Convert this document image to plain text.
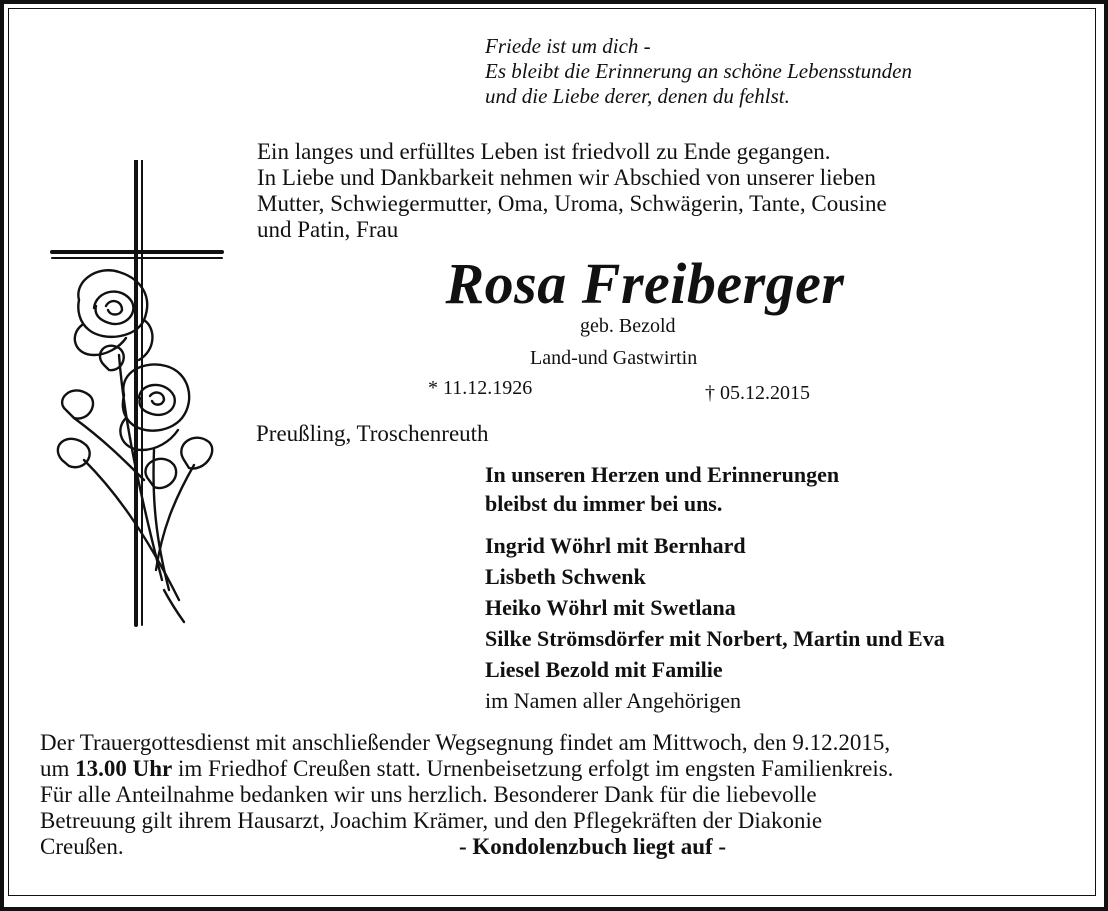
Friede ist um dich -
Es bleibt die Erinnerung an schöne Lebensstunden
und die Liebe derer, denen du fehlst.
Ein langes und erfülltes Leben ist friedvoll zu Ende gegangen.
In Liebe und Dankbarkeit nehmen wir Abschied von unserer lieben
Mutter, Schwiegermutter, Oma, Uroma, Schwägerin, Tante, Cousine
und Patin, Frau
Rosa Freiberger
geb. Bezold
Land-und Gastwirtin
* 11.12.1926	† 05.12.2015
Preußling, Troschenreuth
In unseren Herzen und Erinnerungen
bleibst du immer bei uns.
Ingrid Wöhrl mit Bernhard
Lisbeth Schwenk
Heiko Wöhrl mit Swetlana
Silke Strömsdörfer mit Norbert, Martin und Eva
Liesel Bezold mit Familie
im Namen aller Angehörigen
Der Trauergottesdienst mit anschließender Wegsegnung findet am Mittwoch, den 9.12.2015,
um 13.00 Uhr im Friedhof Creußen statt. Urnenbeisetzung erfolgt im engsten Familienkreis.
Für alle Anteilnahme bedanken wir uns herzlich. Besonderer Dank für die liebevolle
Betreuung gilt ihrem Hausarzt, Joachim Krämer, und den Pflegekräften der Diakonie
Creußen.	- Kondolenzbuch liegt auf -
